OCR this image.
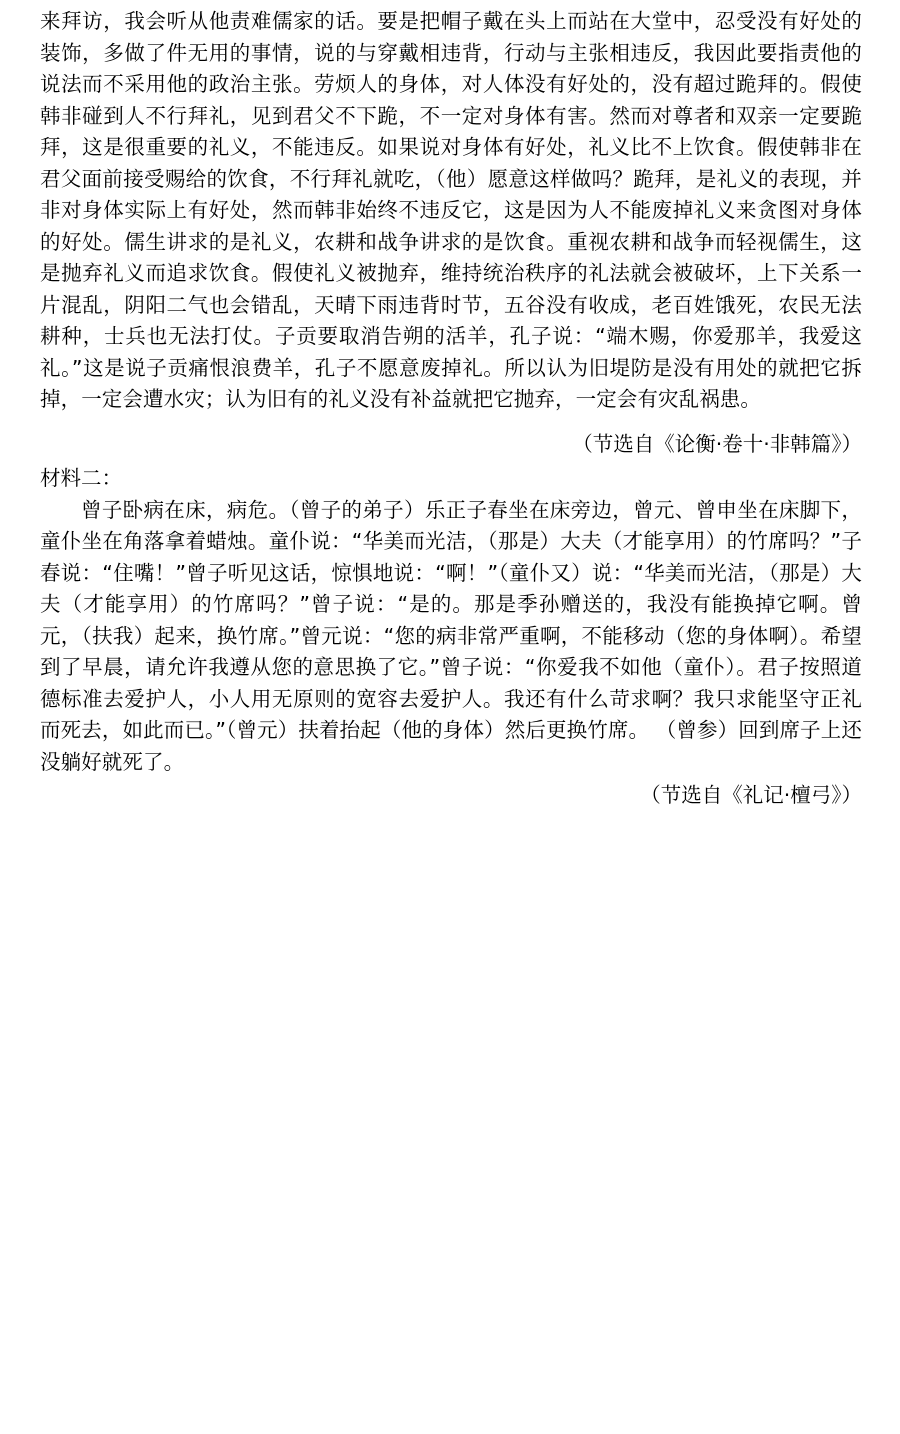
来拜访，我会听从他责难儒家的话。要是把帽子戴在头上而站在大堂中，忍受没有好处的装饰，多做了件无用的事情，说的与穿戴相违背，行动与主张相违反，我因此要指责他的说法而不采用他的政治主张。劳烦人的身体，对人体没有好处的，没有超过跪拜的。假使韩非碰到人不行拜礼，见到君父不下跪，不一定对身体有害。然而对尊者和双亲一定要跪拜，这是很重要的礼义，不能违反。如果说对身体有好处，礼义比不上饮食。假使韩非在君父面前接受赐给的饮食，不行拜礼就吃，（他）愿意这样做吗？跪拜，是礼义的表现，并非对身体实际上有好处，然而韩非始终不违反它，这是因为人不能废掉礼义来贪图对身体的好处。儒生讲求的是礼义，农耕和战争讲求的是饮食。重视农耕和战争而轻视儒生，这是抛弃礼义而追求饮食。假使礼义被抛弃，维持统治秩序的礼法就会被破坏，上下关系一片混乱，阴阳二气也会错乱，天晴下雨违背时节，五谷没有收成，老百姓饿死，农民无法耕种，士兵也无法打仗。子贡要取消告朔的活羊，孔子说：“端木赐，你爱那羊，我爱这礼。”这是说子贡痛恨浪费羊，孔子不愿意废掉礼。所以认为旧堤防是没有用处的就把它拆掉，一定会遭水灾；认为旧有的礼义没有补益就把它抛弃，一定会有灾乱祸患。

（节选自《论衡·卷十·非韩篇》）

材料二：

曾子卧病在床，病危。（曾子的弟子）乐正子春坐在床旁边，曾元、曾申坐在床脚下，童仆坐在角落拿着蜡烛。童仆说：“华美而光洁，（那是）大夫（才能享用）的竹席吗？”子春说：“住嘴！”曾子听见这话，惊惧地说：“啊！”（童仆又）说：“华美而光洁，（那是）大夫（才能享用）的竹席吗？”曾子说：“是的。那是季孙赠送的，我没有能换掉它啊。曾元，（扶我）起来，换竹席。”曾元说：“您的病非常严重啊，不能移动（您的身体啊）。希望到了早晨，请允许我遵从您的意思换了它。”曾子说：“你爱我不如他（童仆）。君子按照道德标准去爱护人，小人用无原则的宽容去爱护人。我还有什么苛求啊？我只求能坚守正礼而死去，如此而已。”（曾元）扶着抬起（他的身体）然后更换竹席。 （曾参）回到席子上还没躺好就死了。

（节选自《礼记·檀弓》）
